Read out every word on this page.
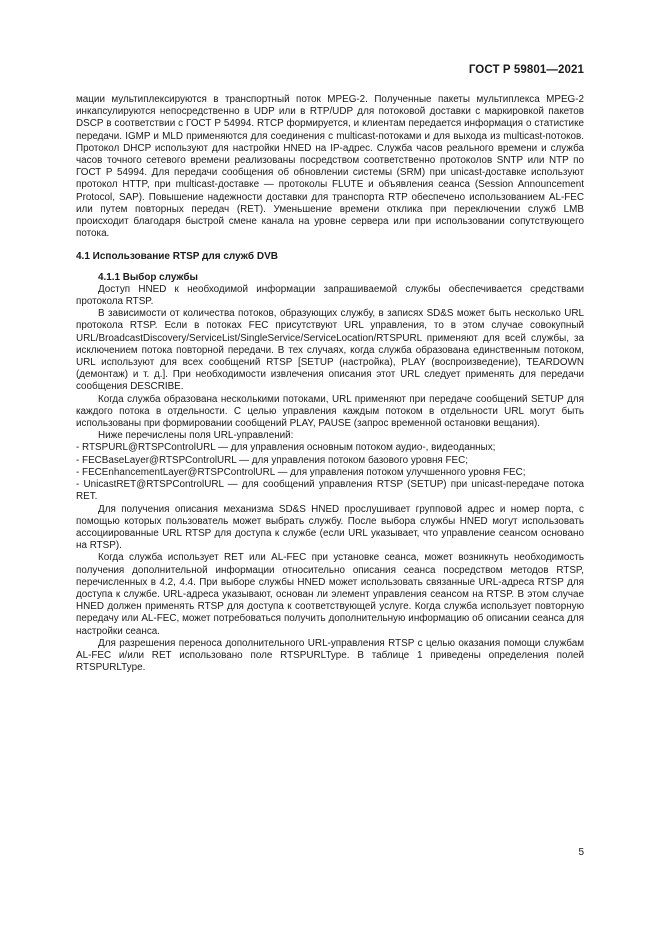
ГОСТ Р 59801—2021

мации мультиплексируются в транспортный поток MPEG-2. Полученные пакеты мультиплекса MPEG-2 инкапсулируются непосредственно в UDP или в RTP/UDP для потоковой доставки с маркировкой пакетов DSCP в соответствии с ГОСТ Р 54994. RTCP формируется, и клиентам передается информация о статистике передачи. IGMP и MLD применяются для соединения с multicast-потоками и для выхода из multicast-потоков. Протокол DHCP используют для настройки HNED на IP-адрес. Служба часов реального времени и служба часов точного сетевого времени реализованы посредством соответственно протоколов SNTP или NTP по ГОСТ Р 54994. Для передачи сообщения об обновлении системы (SRM) при unicast-доставке используют протокол HTTP, при multicast-доставке — протоколы FLUTE и объявления сеанса (Session Announcement Protocol, SAP). Повышение надежности доставки для транспорта RTP обеспечено использованием AL-FEC или путем повторных передач (RET). Уменьшение времени отклика при переключении служб LMB происходит благодаря быстрой смене канала на уровне сервера или при использовании сопутствующего потока.

4.1 Использование RTSP для служб DVB
4.1.1 Выбор службы

Доступ HNED к необходимой информации запрашиваемой службы обеспечивается средствами протокола RTSP.

В зависимости от количества потоков, образующих службу, в записях SD&S может быть несколько URL протокола RTSP. Если в потоках FEC присутствуют URL управления, то в этом случае совокупный URL/BroadcastDiscovery/ServiceList/SingleService/ServiceLocation/RTSPURL применяют для всей службы, за исключением потока повторной передачи. В тех случаях, когда служба образована единственным потоком, URL используют для всех сообщений RTSP [SETUP (настройка), PLAY (воспроизведение), TEARDOWN (демонтаж) и т. д.]. При необходимости извлечения описания этот URL следует применять для передачи сообщения DESCRIBE.

Когда служба образована несколькими потоками, URL применяют при передаче сообщений SETUP для каждого потока в отдельности. С целью управления каждым потоком в отдельности URL могут быть использованы при формировании сообщений PLAY, PAUSE (запрос временной остановки вещания).

Ниже перечислены поля URL-управлений:

- RTSPURL@RTSPControlURL — для управления основным потоком аудио-, видеоданных;
- FECBaseLayer@RTSPControlURL — для управления потоком базового уровня FEC;
- FECEnhancementLayer@RTSPControlURL — для управления потоком улучшенного уровня FEC;
- UnicastRET@RTSPControlURL — для сообщений управления RTSP (SETUP) при unicast-передаче потока RET.

Для получения описания механизма SD&S HNED прослушивает групповой адрес и номер порта, с помощью которых пользователь может выбрать службу. После выбора службы HNED могут использовать ассоциированные URL RTSP для доступа к службе (если URL указывает, что управление сеансом основано на RTSP).

Когда служба использует RET или AL-FEC при установке сеанса, может возникнуть необходимость получения дополнительной информации относительно описания сеанса посредством методов RTSP, перечисленных в 4.2, 4.4. При выборе службы HNED может использовать связанные URL-адреса RTSP для доступа к службе. URL-адреса указывают, основан ли элемент управления сеансом на RTSP. В этом случае HNED должен применять RTSP для доступа к соответствующей услуге. Когда служба использует повторную передачу или AL-FEC, может потребоваться получить дополнительную информацию об описании сеанса для настройки сеанса.

Для разрешения переноса дополнительного URL-управления RTSP с целью оказания помощи службам AL-FEC и/или RET использовано поле RTSPURLType. В таблице 1 приведены определения полей RTSPURLType.

5
